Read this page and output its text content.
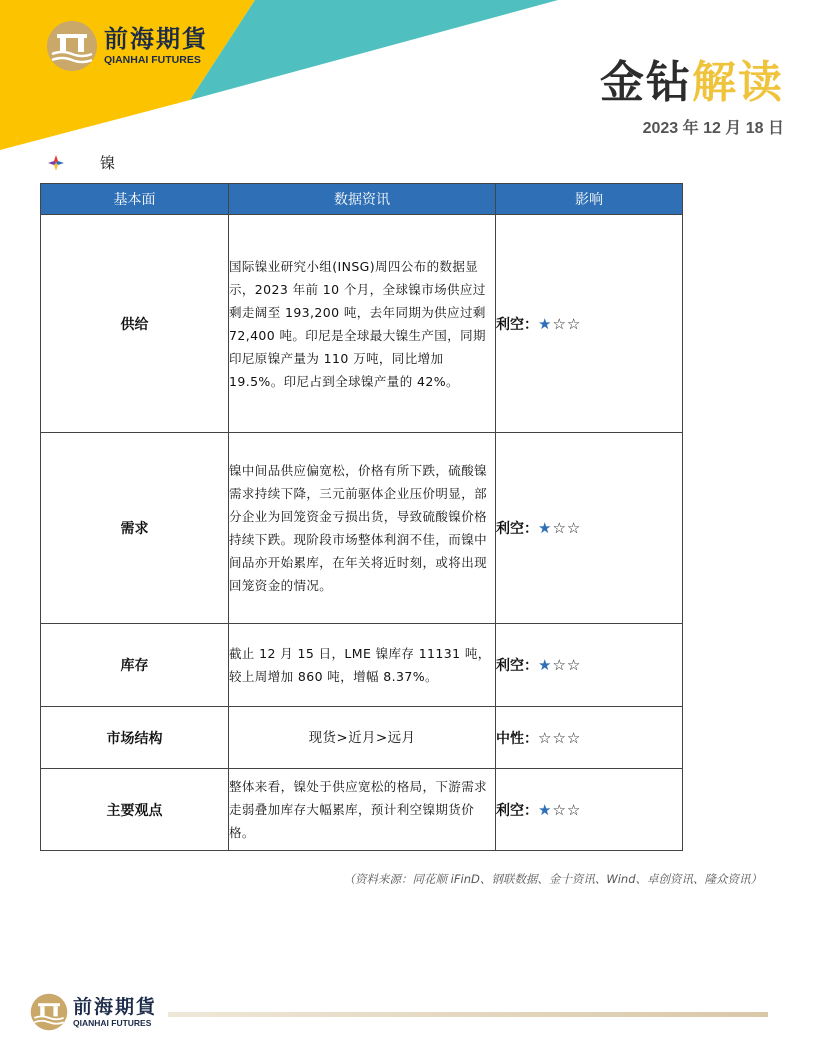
前海期貨
QIANHAI FUTURES	金钻解读
2023 年 12 月 18 日
镍
基本面	数据资讯	影响
供给	国际镍业研究小组(INSG)周四公布的数据显示，2023 年前 10 个月，全球镍市场供应过剩走阔至 193,200 吨，去年同期为供应过剩 72,400 吨。印尼是全球最大镍生产国，同期印尼原镍产量为 110 万吨，同比增加 19.5%。印尼占到全球镍产量的 42%。	利空：★☆☆
需求	镍中间品供应偏宽松，价格有所下跌，硫酸镍需求持续下降，三元前驱体企业压价明显，部分企业为回笼资金亏损出货，导致硫酸镍价格持续下跌。现阶段市场整体利润不佳，而镍中间品亦开始累库，在年关将近时刻，或将出现回笼资金的情况。	利空：★☆☆
库存	截止 12 月 15 日，LME 镍库存 11131 吨，较上周增加 860 吨，增幅 8.37%。	利空：★☆☆
市场结构	现货>近月>远月	中性：☆☆☆
主要观点	整体来看，镍处于供应宽松的格局，下游需求走弱叠加库存大幅累库，预计利空镍期货价格。	利空：★☆☆
（资料来源：同花顺 iFinD、钢联数据、金十资讯、Wind、卓创资讯、隆众资讯）
前海期貨
QIANHAI FUTURES
